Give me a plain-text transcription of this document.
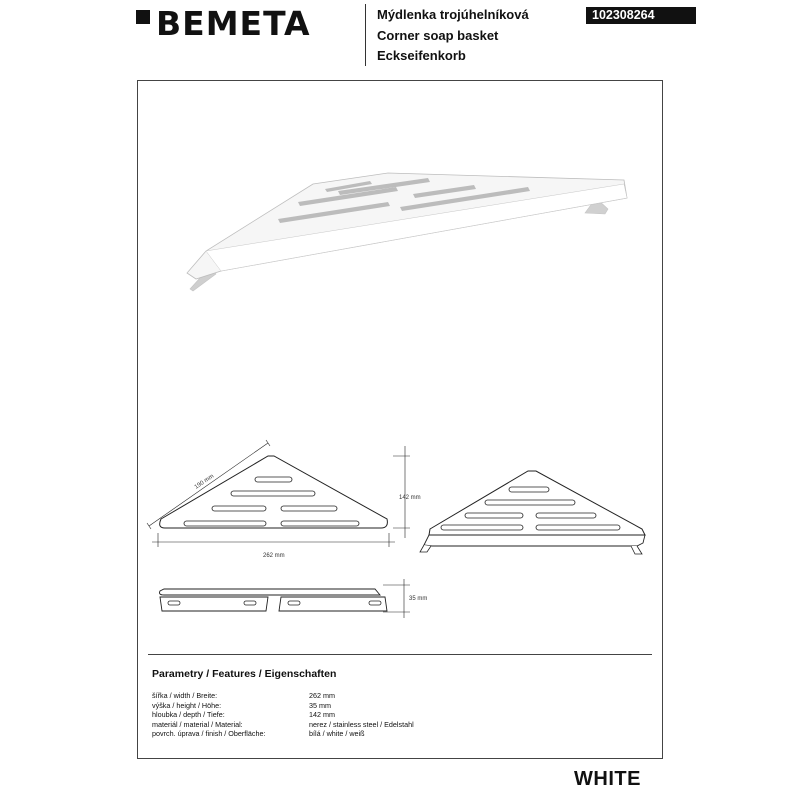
BEMETA	Mýdlenka trojúhelníková
Corner soap basket
Eckseifenkorb
102308264
190 mm
142 mm
262 mm
35 mm
Parametry / Features / Eigenschaften
šířka / width / Breite:	262 mm
výška / height / Höhe:	35 mm
hloubka / depth / Tiefe:	142 mm
materiál / material / Material:	nerez / stainless steel / Edelstahl
povrch. úprava / finish / Oberfläche:	bílá / white / weiß
WHITE
